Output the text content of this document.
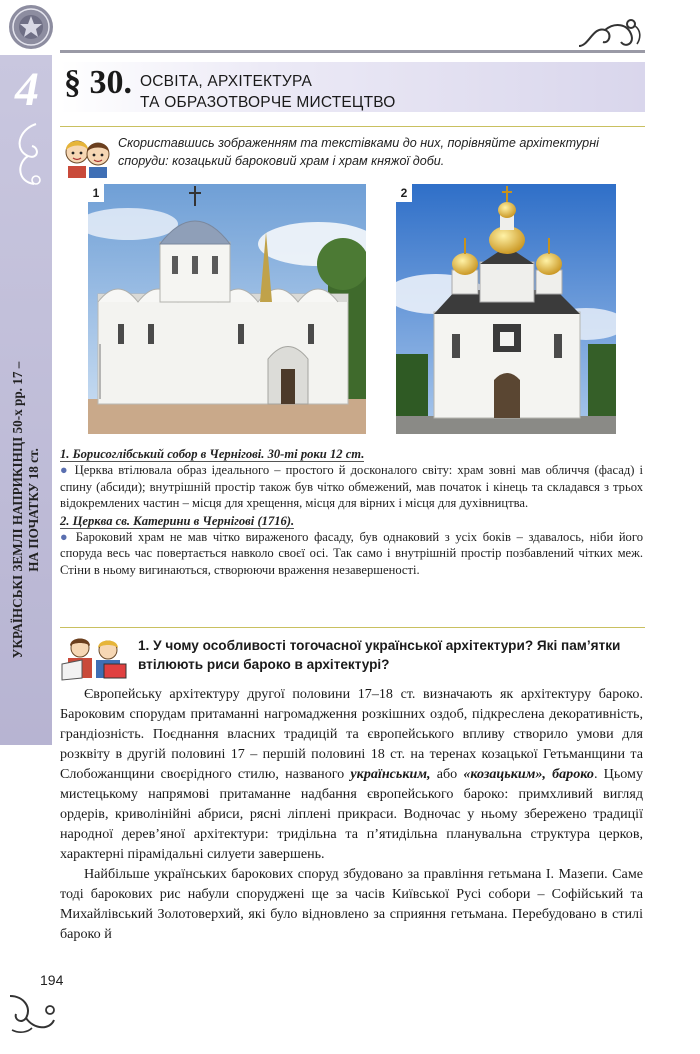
4
УКРАЇНСЬКІ ЗЕМЛІ НАПРИКІНЦІ 50-х рр. 17 – НА ПОЧАТКУ 18 ст.
§ 30. ОСВІТА, АРХІТЕКТУРА
ТА ОБРАЗОТВОРЧЕ МИСТЕЦТВО
Скориставшись зображенням та текстівками до них, порівняйте архітектурні споруди: козацький бароковий храм і храм княжої доби.
1	2
1. Борисоглібський собор в Чернігові. 30-ті роки 12 ст.

● Церква втілювала образ ідеального – простого й досконалого світу: храм зовні мав обличчя (фасад) і спину (абсиди); внутрішній простір також був чітко обмежений, мав початок і кінець та складався з трьох відокремлених частин – місця для хрещення, місця для вірних і місця для духівництва.

2. Церква св. Катерини в Чернігові (1716).

● Бароковий храм не мав чітко вираженого фасаду, був однаковий з усіх боків – здавалось, ніби його споруда весь час повертається навколо своєї осі. Так само і внутрішній простір позбавлений чітких меж. Стіни в ньому вигинаються, створюючи враження незавершеності.

1. У чому особливості тогочасної української архітектури? Які пам’ятки втілюють риси бароко в архітектурі?

Європейську архітектуру другої половини 17–18 ст. визначають як архітектуру бароко. Бароковим спорудам притаманні нагромадження розкішних оздоб, підкреслена декоративність, грандіозність. Поєднання власних традицій та європейського впливу створило умови для розквіту в другій половині 17 – першій половині 18 ст. на теренах козацької Гетьманщини та Слобожанщини своєрідного стилю, названого українським, або «козацьким», бароко. Цьому мистецькому напрямові притаманне надбання європейського бароко: примхливий вигляд ордерів, криволінійні абриси, рясні ліплені прикраси. Водночас у ньому збережено традиції народної дерев’яної архітектури: тридільна та п’ятидільна планувальна структура церков, характерні пірамідальні силуети завершень.

Найбільше українських барокових споруд збудовано за правління гетьмана І. Мазепи. Саме тоді барокових рис набули споруджені ще за часів Київської Русі собори – Софійський та Михайлівський Золотоверхий, які було відновлено за сприяння гетьмана. Перебудовано в стилі бароко й

194
